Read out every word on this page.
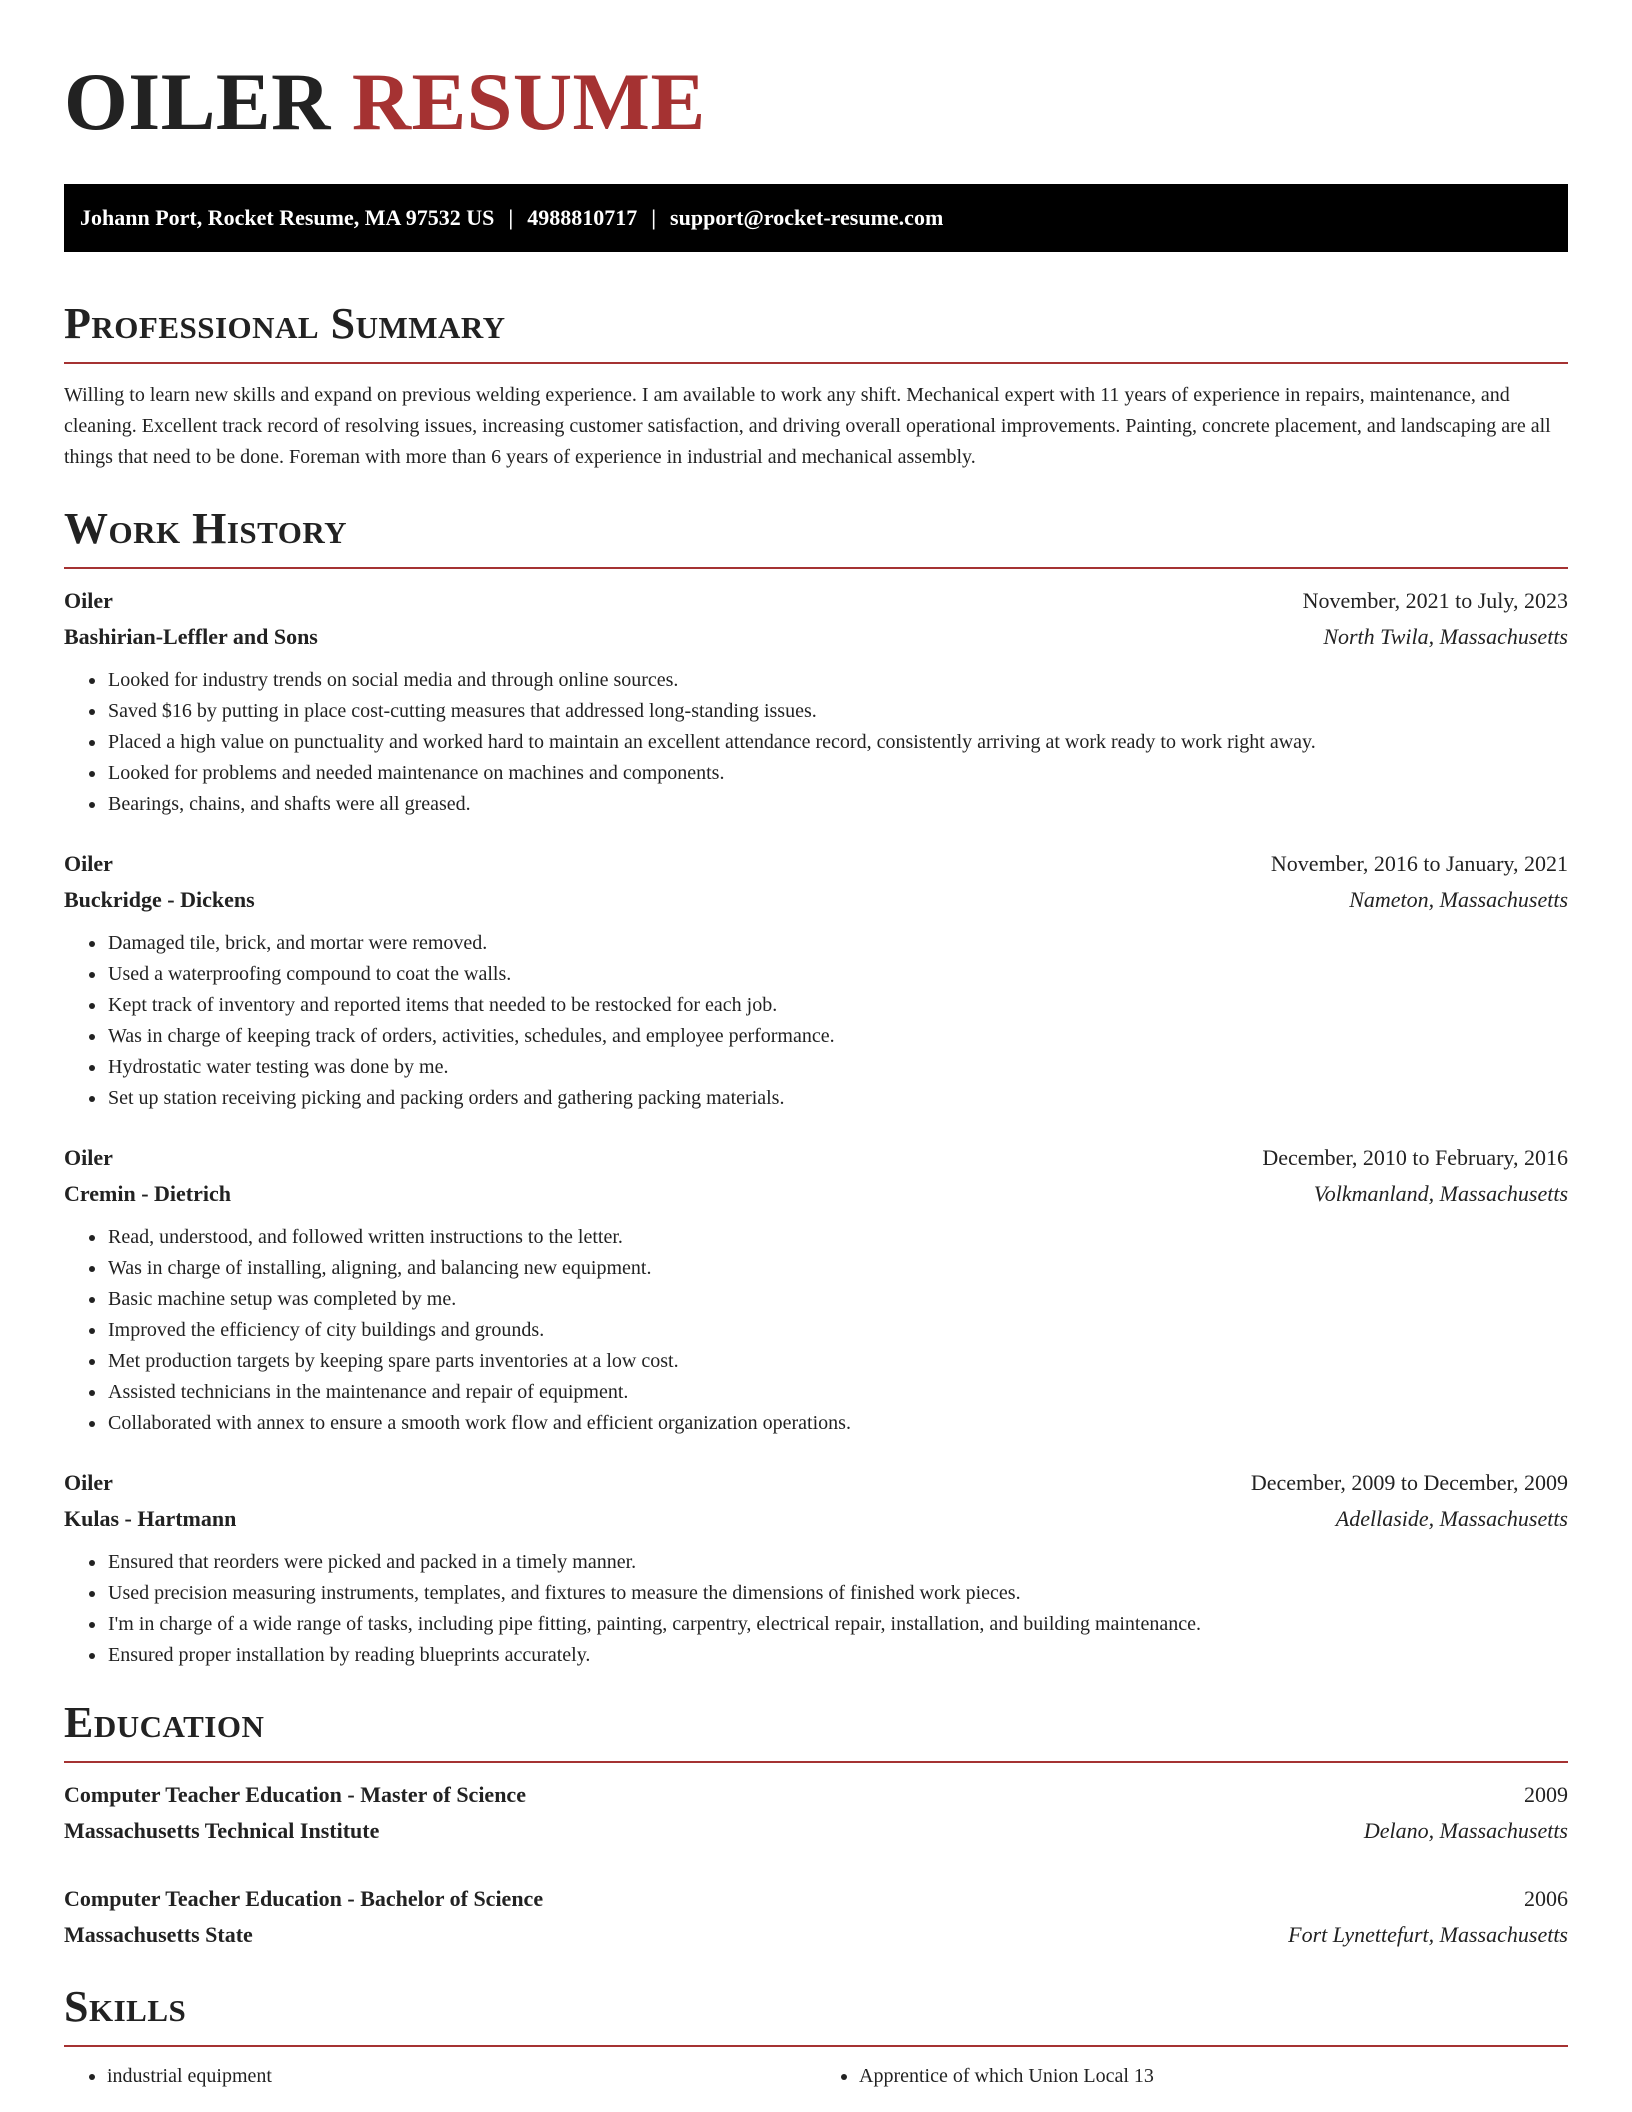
OILER RESUME
Johann Port, Rocket Resume, MA 97532 US | 4988810717 | support@rocket-resume.com
Professional Summary

Willing to learn new skills and expand on previous welding experience. I am available to work any shift. Mechanical expert with 11 years of experience in repairs, maintenance, and cleaning. Excellent track record of resolving issues, increasing customer satisfaction, and driving overall operational improvements. Painting, concrete placement, and landscaping are all things that need to be done. Foreman with more than 6 years of experience in industrial and mechanical assembly.

Work History
Oiler	November, 2021 to July, 2023
Bashirian-Leffler and Sons	North Twila, Massachusetts
• Looked for industry trends on social media and through online sources.
• Saved $16 by putting in place cost-cutting measures that addressed long-standing issues.
• Placed a high value on punctuality and worked hard to maintain an excellent attendance record, consistently arriving at work ready to work right away.
• Looked for problems and needed maintenance on machines and components.
• Bearings, chains, and shafts were all greased.
Oiler	November, 2016 to January, 2021
Buckridge - Dickens	Nameton, Massachusetts
• Damaged tile, brick, and mortar were removed.
• Used a waterproofing compound to coat the walls.
• Kept track of inventory and reported items that needed to be restocked for each job.
• Was in charge of keeping track of orders, activities, schedules, and employee performance.
• Hydrostatic water testing was done by me.
• Set up station receiving picking and packing orders and gathering packing materials.
Oiler	December, 2010 to February, 2016
Cremin - Dietrich	Volkmanland, Massachusetts
• Read, understood, and followed written instructions to the letter.
• Was in charge of installing, aligning, and balancing new equipment.
• Basic machine setup was completed by me.
• Improved the efficiency of city buildings and grounds.
• Met production targets by keeping spare parts inventories at a low cost.
• Assisted technicians in the maintenance and repair of equipment.
• Collaborated with annex to ensure a smooth work flow and efficient organization operations.
Oiler	December, 2009 to December, 2009
Kulas - Hartmann	Adellaside, Massachusetts
• Ensured that reorders were picked and packed in a timely manner.
• Used precision measuring instruments, templates, and fixtures to measure the dimensions of finished work pieces.
• I'm in charge of a wide range of tasks, including pipe fitting, painting, carpentry, electrical repair, installation, and building maintenance.
• Ensured proper installation by reading blueprints accurately.
Education
Computer Teacher Education - Master of Science	2009
Massachusetts Technical Institute	Delano, Massachusetts
Computer Teacher Education - Bachelor of Science	2006
Massachusetts State	Fort Lynettefurt, Massachusetts
Skills
• industrial equipment
•	Apprentice of which Union Local 13
